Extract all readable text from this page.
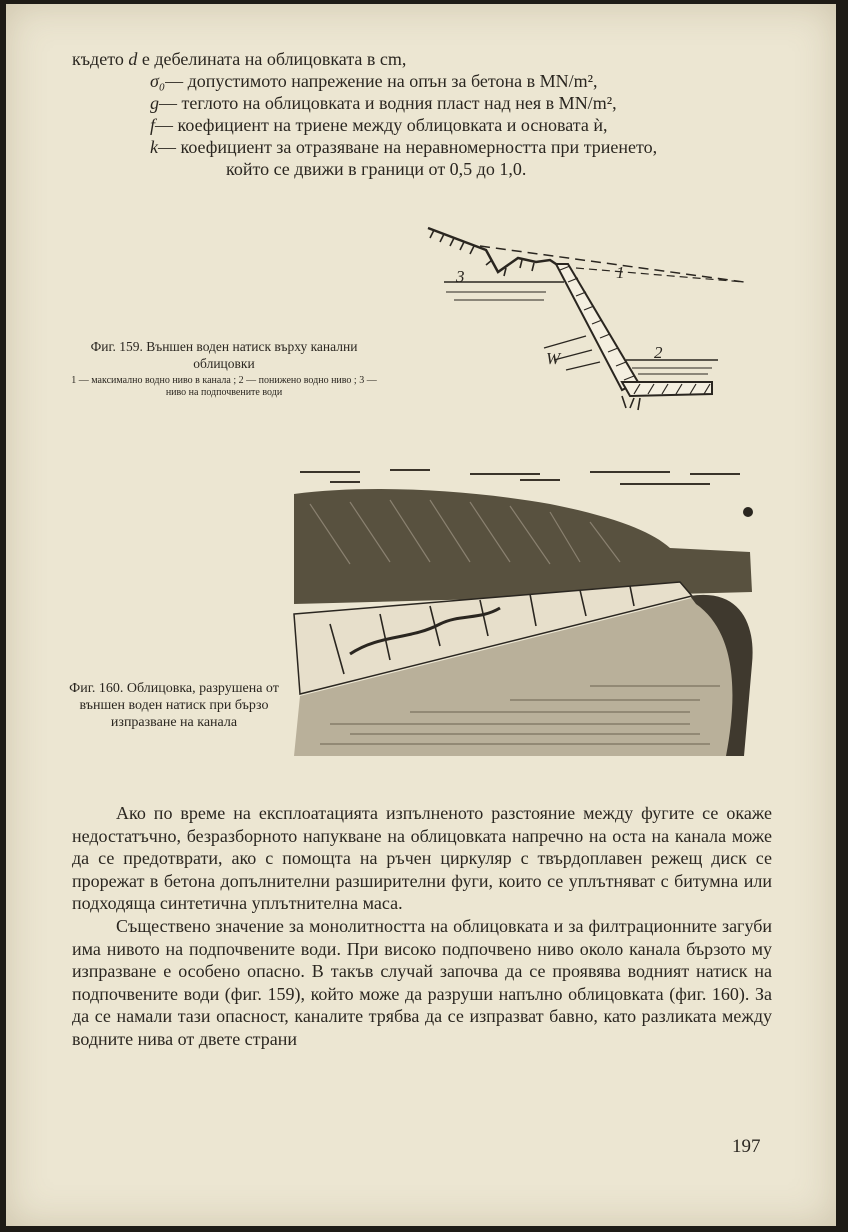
където d е дебелината на облицовката в cm,
σ₀— допустимото напрежение на опън за бетона в MN/m²,
g— теглото на облицовката и водния пласт над нея в MN/m²,
f— коефициент на триене между облицовката и основата ѝ,
k— коефициент за отразяване на неравномерността при триенето,
който се движи в граници от 0,5 до 1,0.
Фиг. 159. Външен воден натиск върху канални облицовки
1 — максимално водно ниво в канала ; 2 — понижено водно ниво ; 3 — ниво на подпочвените води
3	1
2
W
Фиг. 160. Облицовка, разрушена от външен воден натиск при бързо изпразване на канала

Ако по време на експлоатацията изпълненото разстояние между фугите се окаже недостатъчно, безразборното напукване на облицовката напречно на оста на канала може да се предотврати, ако с помощта на ръчен циркуляр с твърдоплавен режещ диск се прорежат в бетона допълнителни разширителни фуги, които се уплътняват с битумна или подходяща синтетична уплътнителна маса.

Съществено значение за монолитността на облицовката и за филтрационните загуби има нивото на подпочвените води. При високо подпочвено ниво около канала бързото му изпразване е особено опасно. В такъв случай започва да се проявява водният натиск на подпочвените води (фиг. 159), който може да разруши напълно облицовката (фиг. 160). За да се намали тази опасност, каналите трябва да се изпразват бавно, като разликата между водните нива от двете страни

197
